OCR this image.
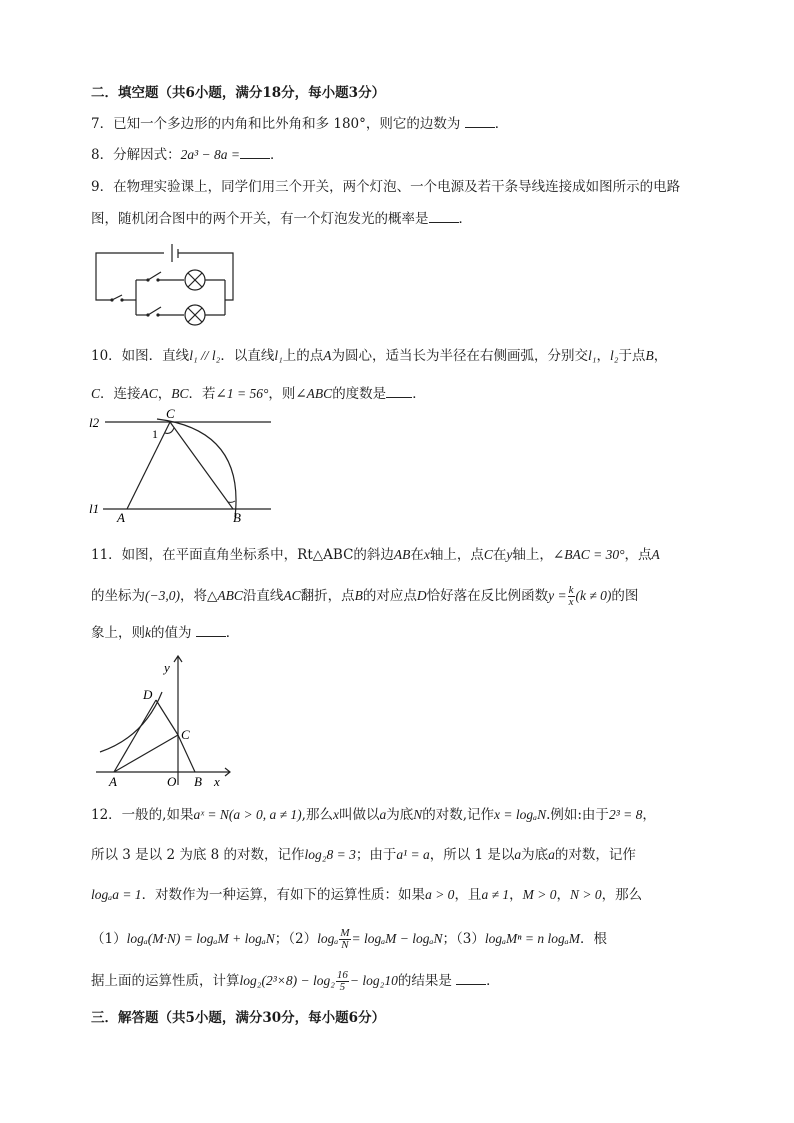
二．填空题（共6小题，满分18分，每小题3分）
7．已知一个多边形的内角和比外角和多 180°，则它的边数为	．
8．分解因式：2a³ − 8a = ．
9．在物理实验课上，同学们用三个开关，两个灯泡、一个电源及若干条导线连接成如图所示的电路
图，随机闭合图中的两个开关，有一个灯泡发光的概率是 ．
10．如图．直线l₁ // l₂．以直线l₁上的点A为圆心，适当长为半径在右侧画弧，分别交l₁，l₂于点B，
C．连接AC，BC．若∠1 = 56°，则∠ABC的度数是 ．
l2
l1
A	B
C
1
11．如图，在平面直角坐标系中，Rt△ABC的斜边AB在x轴上，点C在y轴上，∠BAC = 30°，点A
的坐标为(−3,0)，将△ABC沿直线AC翻折，点B的对应点D恰好落在反比例函数$y = \frac{k}{x} (k \ne 0)$的图
象上，则k的值为	．
y
x
D
C
A	O B
12．一般的,如果aˣ = N(a > 0, a ≠ 1),那么x叫做以a为底N的对数,记作x = logₐN.例如:由于2³ = 8，
所以 3 是以 2 为底 8 的对数，记作log₂8 = 3；由于a¹ = a，所以 1 是以a为底a的对数，记作
logₐa = 1．对数作为一种运算，有如下的运算性质：如果a > 0，且a ≠ 1，M > 0，N > 0，那么
（1）logₐ(M·N) = logₐM + logₐN；$(2)\log_a \frac{M}{N} = \log_aM - \log_aN$；（3）logₐMⁿ = n logₐM．根
据上面的运算性质，计算$\log_2(2^3\times 8) - \log_2 \frac{16}{5} - \log_210$的结果是	．
三．解答题（共5小题，满分30分，每小题6分）
